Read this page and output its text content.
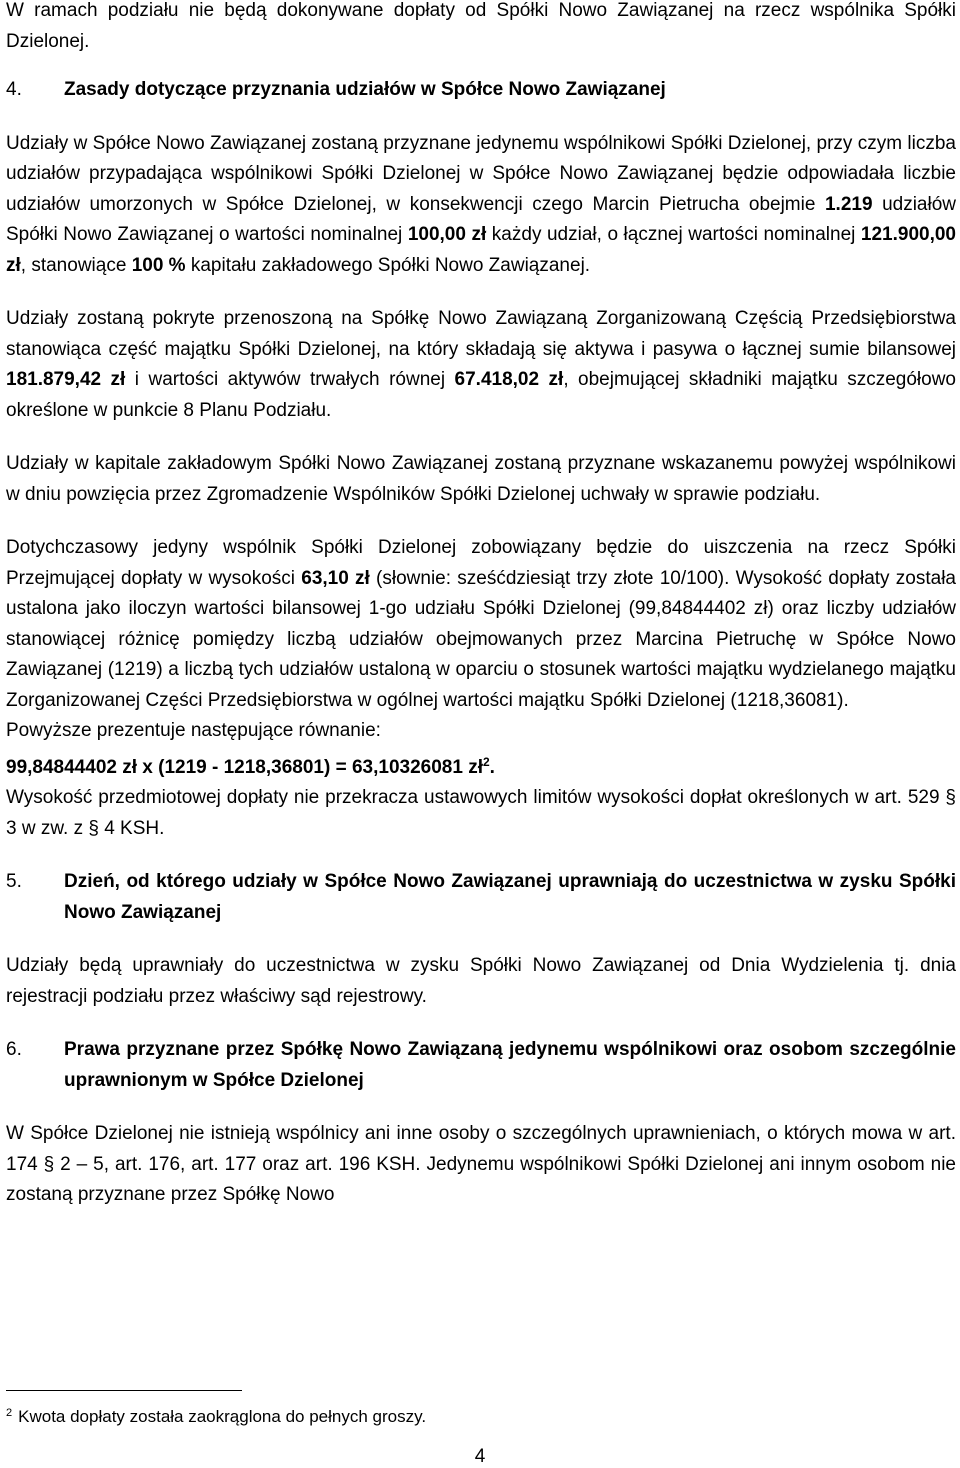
W ramach podziału nie będą dokonywane dopłaty od Spółki Nowo Zawiązanej na rzecz wspólnika Spółki Dzielonej.

4.	Zasady dotyczące przyznania udziałów w Spółce Nowo Zawiązanej

Udziały w Spółce Nowo Zawiązanej zostaną przyznane jedynemu wspólnikowi Spółki Dzielonej, przy czym liczba udziałów przypadająca wspólnikowi Spółki Dzielonej w Spółce Nowo Zawiązanej będzie odpowiadała liczbie udziałów umorzonych w Spółce Dzielonej, w konsekwencji czego Marcin Pietrucha obejmie 1.219 udziałów Spółki Nowo Zawiązanej o wartości nominalnej 100,00 zł każdy udział, o łącznej wartości nominalnej 121.900,00 zł, stanowiące 100 % kapitału zakładowego Spółki Nowo Zawiązanej.

Udziały zostaną pokryte przenoszoną na Spółkę Nowo Zawiązaną Zorganizowaną Częścią Przedsiębiorstwa stanowiąca część majątku Spółki Dzielonej, na który składają się aktywa i pasywa o łącznej sumie bilansowej 181.879,42 zł i wartości aktywów trwałych równej 67.418,02 zł, obejmującej składniki majątku szczegółowo określone w punkcie 8 Planu Podziału.

Udziały w kapitale zakładowym Spółki Nowo Zawiązanej zostaną przyznane wskazanemu powyżej wspólnikowi w dniu powzięcia przez Zgromadzenie Wspólników Spółki Dzielonej uchwały w sprawie podziału.

Dotychczasowy jedyny wspólnik Spółki Dzielonej zobowiązany będzie do uiszczenia na rzecz Spółki Przejmującej dopłaty w wysokości 63,10 zł (słownie: sześćdziesiąt trzy złote 10/100). Wysokość dopłaty została ustalona jako iloczyn wartości bilansowej 1-go udziału Spółki Dzielonej (99,84844402 zł) oraz liczby udziałów stanowiącej różnicę pomiędzy liczbą udziałów obejmowanych przez Marcina Pietruchę w Spółce Nowo Zawiązanej (1219) a liczbą tych udziałów ustaloną w oparciu o stosunek wartości majątku wydzielanego majątku Zorganizowanej Części Przedsiębiorstwa w ogólnej wartości majątku Spółki Dzielonej (1218,36081).

Powyższe prezentuje następujące równanie:

99,84844402 zł x (1219 - 1218,36801) = 63,10326081 zł$^2$.

Wysokość przedmiotowej dopłaty nie przekracza ustawowych limitów wysokości dopłat określonych w art. 529 § 3 w zw. z § 4 KSH.

5.	Dzień, od którego udziały w Spółce Nowo Zawiązanej uprawniają do uczestnictwa w zysku Spółki Nowo Zawiązanej

Udziały będą uprawniały do uczestnictwa w zysku Spółki Nowo Zawiązanej od Dnia Wydzielenia tj. dnia rejestracji podziału przez właściwy sąd rejestrowy.

6.	Prawa przyznane przez Spółkę Nowo Zawiązaną jedynemu wspólnikowi oraz osobom szczególnie uprawnionym w Spółce Dzielonej

W Spółce Dzielonej nie istnieją wspólnicy ani inne osoby o szczególnych uprawnieniach, o których mowa w art. 174 § 2 – 5, art. 176, art. 177 oraz art. 196 KSH. Jedynemu wspólnikowi Spółki Dzielonej ani innym osobom nie zostaną przyznane przez Spółkę Nowo

$^2$ Kwota dopłaty została zaokrąglona do pełnych groszy.
4
